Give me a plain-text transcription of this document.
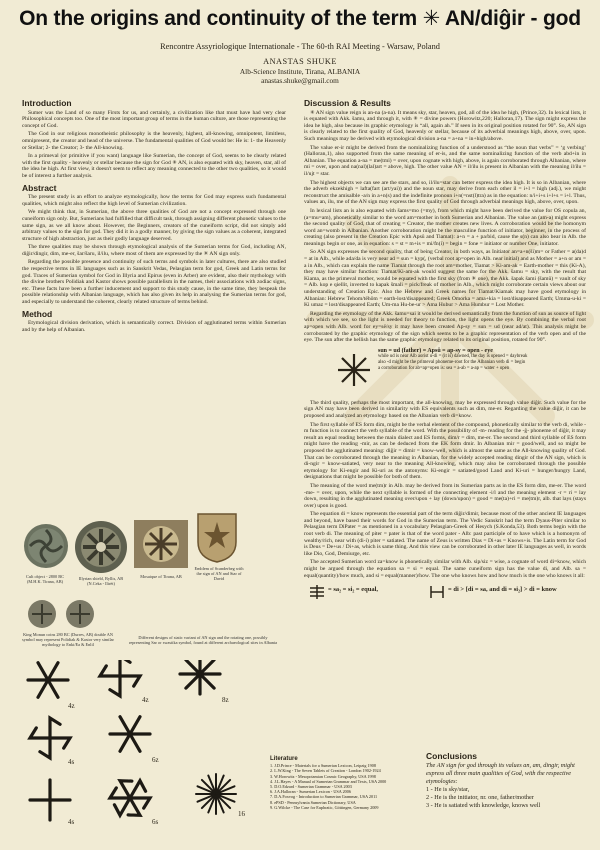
On the origins and continuity of the term ✳ AN/diĝir - god
Rencontre Assyriologique Internationale - The 60-th RAI Meeting - Warsaw, Poland
ANASTAS SHUKE
Alb-Science Institute, Tirana, ALBANIA
anastas.shuke@gmail.com
Introduction

Sumer was the Land of so many Firsts for us, and certainly, a civilization like that must have had very clear Philosophical concepts too. One of the most important group of terms in the human culture, are those representing the concept of God.

The God in our religious monotheistic philosophy is the heavenly, highest, all-knowing, omnipotent, limitless, omnipresent, the creator and head of the universe. The fundamental qualities of God would be: He is: 1- the Heavenly or Stellar; 2- the Creator; 3- the All-knowing.

In a primeval (or primitive if you want) language like Sumerian, the concept of God, seems to be clearly related with the first quality - heavenly or stellar because the sign for God ✳ AN, is also equated with sky, heaven, star, all of the idea he high. At first view, it doesn't seem to reflect any meaning connected to the other two qualities, so it would be of interest a further analysis.

Abstract

The present study is an effort to analyze etymologically, how the terms for God may express such fundamental qualities, which might also reflect the high level of Sumerian civilization.

We might think that, in Sumerian, the above three qualities of God are not a concept expressed through one cuneiform sign only. But, Sumerians had fulfilled that difficult task, through assigning different phonetic values to the same sign, as we all know about. However, the Beginners, creators of the cuneiform script, did not simply add arbitrary values to the sign for god. They did it in a godly manner, by giving the sign values as a coherent, integrated structure of high abstraction, just as their godly language deserved.

The three qualities may be shown through etymological analysis of the Sumerian terms for God, including AN, diĝir/dingir, dim, me-er, šar/šaru, il/ilu, where most of them are expressed by the ✳ AN sign only.

Regarding the possible presence and continuity of such terms and symbols in later cultures, there are also studied the respective terms in IE languages such as in Sanskrit Vedas, Pelasgian term for god, Greek and Latin terms for god. Traces of Sumerian symbol for God in Illyria and Epirus (even in Arber) are evident, also their mythology with the divine brothers Polidiak and Kastor shows possible parallelism in the names, their associations with zodiac signs, etc. These facts have been a further inducement and support to this study cause, in the same time, they bespeak the possible relationship with Albanian language, which has also given its help in analysing the Sumerian terms for god, and especially to understand the coherent, clearly related structure of terms behind.

Method

Etymological division derivation, which is semantically correct. Division of agglutinated terms within Sumerian and by the help of Albanian.

Cult object - 2800 BC (M.H.K. Tirana, AB)
Illyrian shield, Byllis, AB (N.Ceka - Ilirët)
Mosaique of Tirana, AB
Emblem of Scanderbeg with the sign of AN and Star of David
King Monun coins 280 BC (Durres, AB) double AN symbol may represent Polidiak & Kastor very similar mythology to Enki/Ea & Enlil
Different designs of static variant of AN sign and the rotating one, possibly representing Sar or swastika symbol, found at different archaeological sites in Albania
4z
4z	8z
4s	6z
4s	6s
16
Discussion & Results

✳ AN sign value reign is an-na (a-na). It means sky, star, heaven, god, all of the idea he high, (Prince,32). In lexical lists, it is equated with Akk. šamu, and through it, with ✳ = divine powers (Horowitz,220; Halloran,17). The sign might express the idea he high, also because its graphic etymology is “all, again ah.” If seen in its original position rotated for 90°. So, AN sign is clearly related to the first quality of God, heavenly or stellar, because of its adverbial meanings high, above, over, upon. Such meanings may be derived with etymological division a-na = a+na = in+high/above.

The value er-ir might be derived from the nominalizing function of a understood as “the noun that verbs” = ‘g verbing’ (Halloran,1), also supported from the same meaning of er-is, and the same nominalizing function of the verb abd+in in Albanian. The equation a-na = me(tmi) = over, upon cognate with high, above, is again corroborated through Albanian, where mi = over, upon and na(nal)(lal)art = above, high. The other value AN = il/ilu is present in Albanian with the meaning il/ilu = il/ujt = star.

The highest objects we can see are the stars, and so, il/ilu=star can better express the idea high. It is so in Albanian, where the adverb ekzekhigh = lafta(fart (art/yai)) and the noun star, may derive from each other il = i+l = high (adj.), we might reconstruct the amisalble -a/n in a+n(s) and the indefinite pronoun i+n(=nst(l)tra) as in the equation: n/i+i+s i+l+s = i+l. Thus, values an, ilu, me of the AN sign may express the first quality of God through adverbial meanings high, above, over, upon.

In lexical lists an is also equated with šams=mo (=my), from which might have been derived the value for OS copula an, (a=mu=am), phonetically similar to the word am=mother in both Sumerian and Albanian. The value an (am-a) might express the second quality of God, that of creating = Creator, the mother creates new lives. A corroboration would be the homonym word an=womb in Albanian. Another corroboration might be the masculine function of initiator, beginner, in the process of creating (also present in the Creation Epic with Apsû and Tiamat): a+n = a + pa/bid, cause the s(n) can also bear in Alb. the meanings begin or one, as in equation: s = st = m+is = mi/fn(i) = begin = fone = initiator or number One, initiator.

So AN sign expresses the second quality, that of being Creator, in both ways, as Initiator an=a+n(ši)m= or Father = a(da)d = at in Alb., while ada/da is very near ad = sun = kyp(, (verbal root ap=open in Alb. near initial) and as Mother = a+n or am = a in Alb., which can explain the name Tiamat through the root am=mother, Tiamat > Ki-am-ak = Earth-mother = this (Ki-A), they may have similar function: Tiamat/Ki-am-ak would suggest the same for the Akk. šamu = sky, with the result that Kiama, as the primeval mother, would be equated with the first sky (from ✳ one), the Akk. šapak šami (šamû) = vault of sky = Alb. kop e qiellit, inverted to kapak šmali = pick/freak of mother in Alb., which might corroborate certain views about our understanding of Creation Epic. Also the Hebrew and Greek names for Tiamat/Kiamak may have good etymology in Albanian: Hebrew Tehom/tëhôm = earth-lost/disappeared; Greek Omorka = ama+kia = lost/disappeared Earth; Umma-u-ki = Ki umaz = lost/disappeared Earth; Um-ma Hu-be-ur > Ama Hubur > Ama Humbur = Lost Mother.

Regarding the etymology of the Akk. šamu=sai it would be derived semantically from the function of sun as source of light with which we see, so the light is needed for theory to function, the light opens the eye. By combining the verbal root ap=open with Alb. word for ey=së/sy it may have been created Ap-sy = sun = ud (near ad/at). This analysis might be corroborated by the graphic etymology of the sign which seems to be a graphic representation of the verb open and of the eye. The sun after the hellish has the same graphic etymology related to its original position, rotated for 90°.

sun = ud (father) = Apsû = ap-sy = open - eye
while ud is near Alb aorist u-di = (it is) dawned, the day is opened = daybreak
also -d might be the primeval phoneme-root for the Albanian verb di = begin
a corroboration for ab=ap=open is: sea = a-ab = a-ap = water + open

The third quality, perhaps the most important, the all-knowing, may be expressed through value diĝir. Such value for the sign AN may have been derived in similarity with ES equivalents such as dim, me-er. Regarding the value diĝir, it can be proposed and analyzed an etymology based on the Albanian verb di=know.

The first syllable of ES form dim, might be the verbal element of the compound, phonetically similar to the verb di, while -m function is to connect the verb syllable of the word. With the possibility of -m- reading for the -ĝ- phoneme of diĝir, it may result an equal reading between the main dialect and ES forms, dim/r = dim, me-er. The second and third syllable of ES form might have the reading -mir, as can be deduced from the EK form dmir. In Albanian mir = good/well, and so might be proposed the agglutinated meaning: diĝir = dimir = know-well, which is almost the same as the All-knowing quality of God. That can be corroborated through the meaning in Albanian, for the widely accepted reading dingir of the AN sign, which is di-ngir = know-satiated, very near to the meaning All-knowing, which may also be corroborated through the possible etymology for Ki-engir and Ki-uri as the antonyms: Ki-engir = satiated/good Land and Ki-uri = hunger/hungry Land, designations that might be possible for both of them.

The meaning of the word me(tm)r in Alb. may be derived from its Sumerian parts as in the ES form dim, me-er. The word -me- = over, upon, while the next syllable is formed of the connecting element -i/l and the meaning element -r = ri = lay down, resulting in the agglutinated meaning over/upon + lay (down/upon) = good = me(ta)+ri = me(tm)r, alb. that lays (stays over) upon is good.

The equation di = know represents the essential part of the term diĝir/dimir, because most of the other ancient IE languages and beyond, have based their words for God in the Sumerian term. The Vedic Sanskrit had the term Dyaus-Piter similar to Pelasgian term DiPater = as mentioned in a vocabulary Pelasgian-Greek of Hesych (S.Konda,53). Both terms begin with the root verb di. The meaning of piter = pater is that of the word pater - Alb: past participle of to have which is a homonym of wealthy/rich, near with (di-i) piter = satiated. The name of Zeus is written Dias = Di+as = Knows+is. The Latin term for God is Deus = De+us / Di+as, which is same thing. And this view can be corroborated in other later IE languages as well, in words like Dio, God, Demiurge, etc.

The accepted Sumerian word za=know is phonetically similar with Alb. sip/siz = wise, a cognate of word di=know, which might be argued through the equation sa = si = equal. The same cuneiform sign has the value di, and Alb. sa = equal(quantity)/how much, and si = equal(manner)/how. The one who knows how and how much is the one who knows it all:

= sa₂ = si₂ = equal,	= di > [di = sa, and di = si₂] > di = know
Literature
1. J.D.Prince - Materials for a Sumerian Lexicon, Leipzig 1908
2. L.W.King - The Seven Tablets of Creation - London 1902-1924
3. W.Horowitz - Mesopotamian Cosmic Geography, USA 1998
4. J.L.Hayes - A Manual of Sumerian Grammar and Texts, USA 2000
5. D.O.Edzard - Sumerian Grammar - USA 2003
6. J.A.Halloran - Sumerian Lexicon - USA 2006
7. D.A.Foxvog - Introduction to Sumerian Grammar, USA 2011
8. ePSD - Pennsylvania Sumerian Dictionary, USA
9. G.Wilcke - The Case for Euphratic, Göttingen, Germany 2009
Conclusions
The AN sign for god through its values an, am, dingir, might express all three main qualities of God, with the respective etymologies:
1 - He is sky/star,
2 - He is the initiator, nr. one, father/mother
3 - He is satiated with knowledge, knows well
